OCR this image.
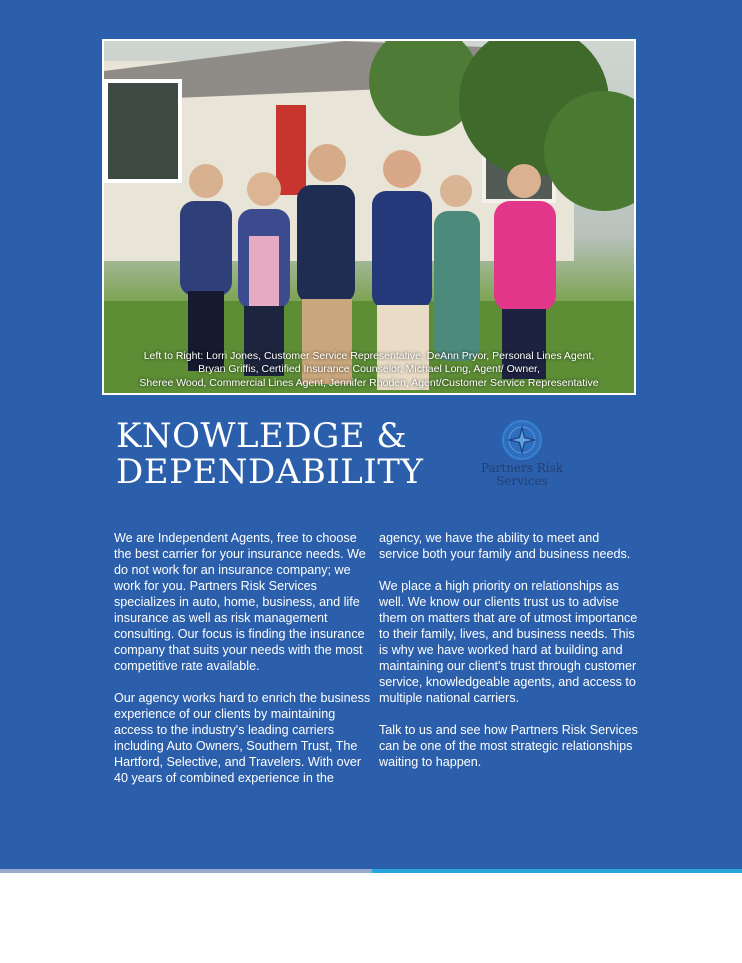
Left to Right: Lorri Jones, Customer Service Representative, DeAnn Pryor, Personal Lines Agent,
Bryan Griffis, Certified Insurance Counselor, Michael Long, Agent/ Owner,
Sheree Wood, Commercial Lines Agent, Jennifer Rhoden, Agent/Customer Service Representative
KNOWLEDGE &
DEPENDABILITY	Partners Risk
Services

We are Independent Agents, free to choose the best carrier for your insurance needs. We do not work for an insurance company; we work for you. Partners Risk Services specializes in auto, home, business, and life insurance as well as risk management consulting. Our focus is finding the insurance company that suits your needs with the most competitive rate available.

Our agency works hard to enrich the business experience of our clients by maintaining access to the industry's leading carriers including Auto Owners, Southern Trust, The Hartford, Selective, and Travelers. With over 40 years of combined experience in the

agency, we have the ability to meet and service both your family and business needs.

We place a high priority on relationships as well. We know our clients trust us to advise them on matters that are of utmost importance to their family, lives, and business needs. This is why we have worked hard at building and maintaining our client's trust through customer service, knowledgeable agents, and access to multiple national carriers.

Talk to us and see how Partners Risk Services can be one of the most strategic relationships waiting to happen.
